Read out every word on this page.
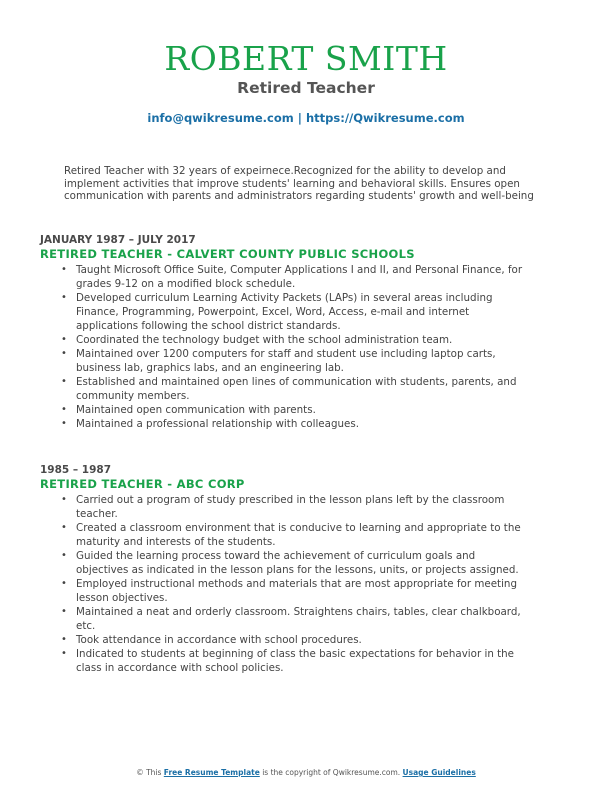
ROBERT SMITH
Retired Teacher
info@qwikresume.com | https://Qwikresume.com
Retired Teacher with 32 years of expeirnece.Recognized for the ability to develop and implement activities that improve students' learning and behavioral skills. Ensures open communication with parents and administrators regarding students' growth and well-being
JANUARY 1987 – JULY 2017
RETIRED TEACHER - CALVERT COUNTY PUBLIC SCHOOLS
• Taught Microsoft Office Suite, Computer Applications I and II, and Personal Finance, for grades 9-12 on a modified block schedule.
• Developed curriculum Learning Activity Packets (LAPs) in several areas including Finance, Programming, Powerpoint, Excel, Word, Access, e-mail and internet applications following the school district standards.
• Coordinated the technology budget with the school administration team.
• Maintained over 1200 computers for staff and student use including laptop carts, business lab, graphics labs, and an engineering lab.
• Established and maintained open lines of communication with students, parents, and community members.
• Maintained open communication with parents.
• Maintained a professional relationship with colleagues.
1985 – 1987
RETIRED TEACHER - ABC CORP
• Carried out a program of study prescribed in the lesson plans left by the classroom teacher.
• Created a classroom environment that is conducive to learning and appropriate to the maturity and interests of the students.
• Guided the learning process toward the achievement of curriculum goals and objectives as indicated in the lesson plans for the lessons, units, or projects assigned.
• Employed instructional methods and materials that are most appropriate for meeting lesson objectives.
• Maintained a neat and orderly classroom. Straightens chairs, tables, clear chalkboard, etc.
• Took attendance in accordance with school procedures.
• Indicated to students at beginning of class the basic expectations for behavior in the class in accordance with school policies.
© This Free Resume Template is the copyright of Qwikresume.com. Usage Guidelines
